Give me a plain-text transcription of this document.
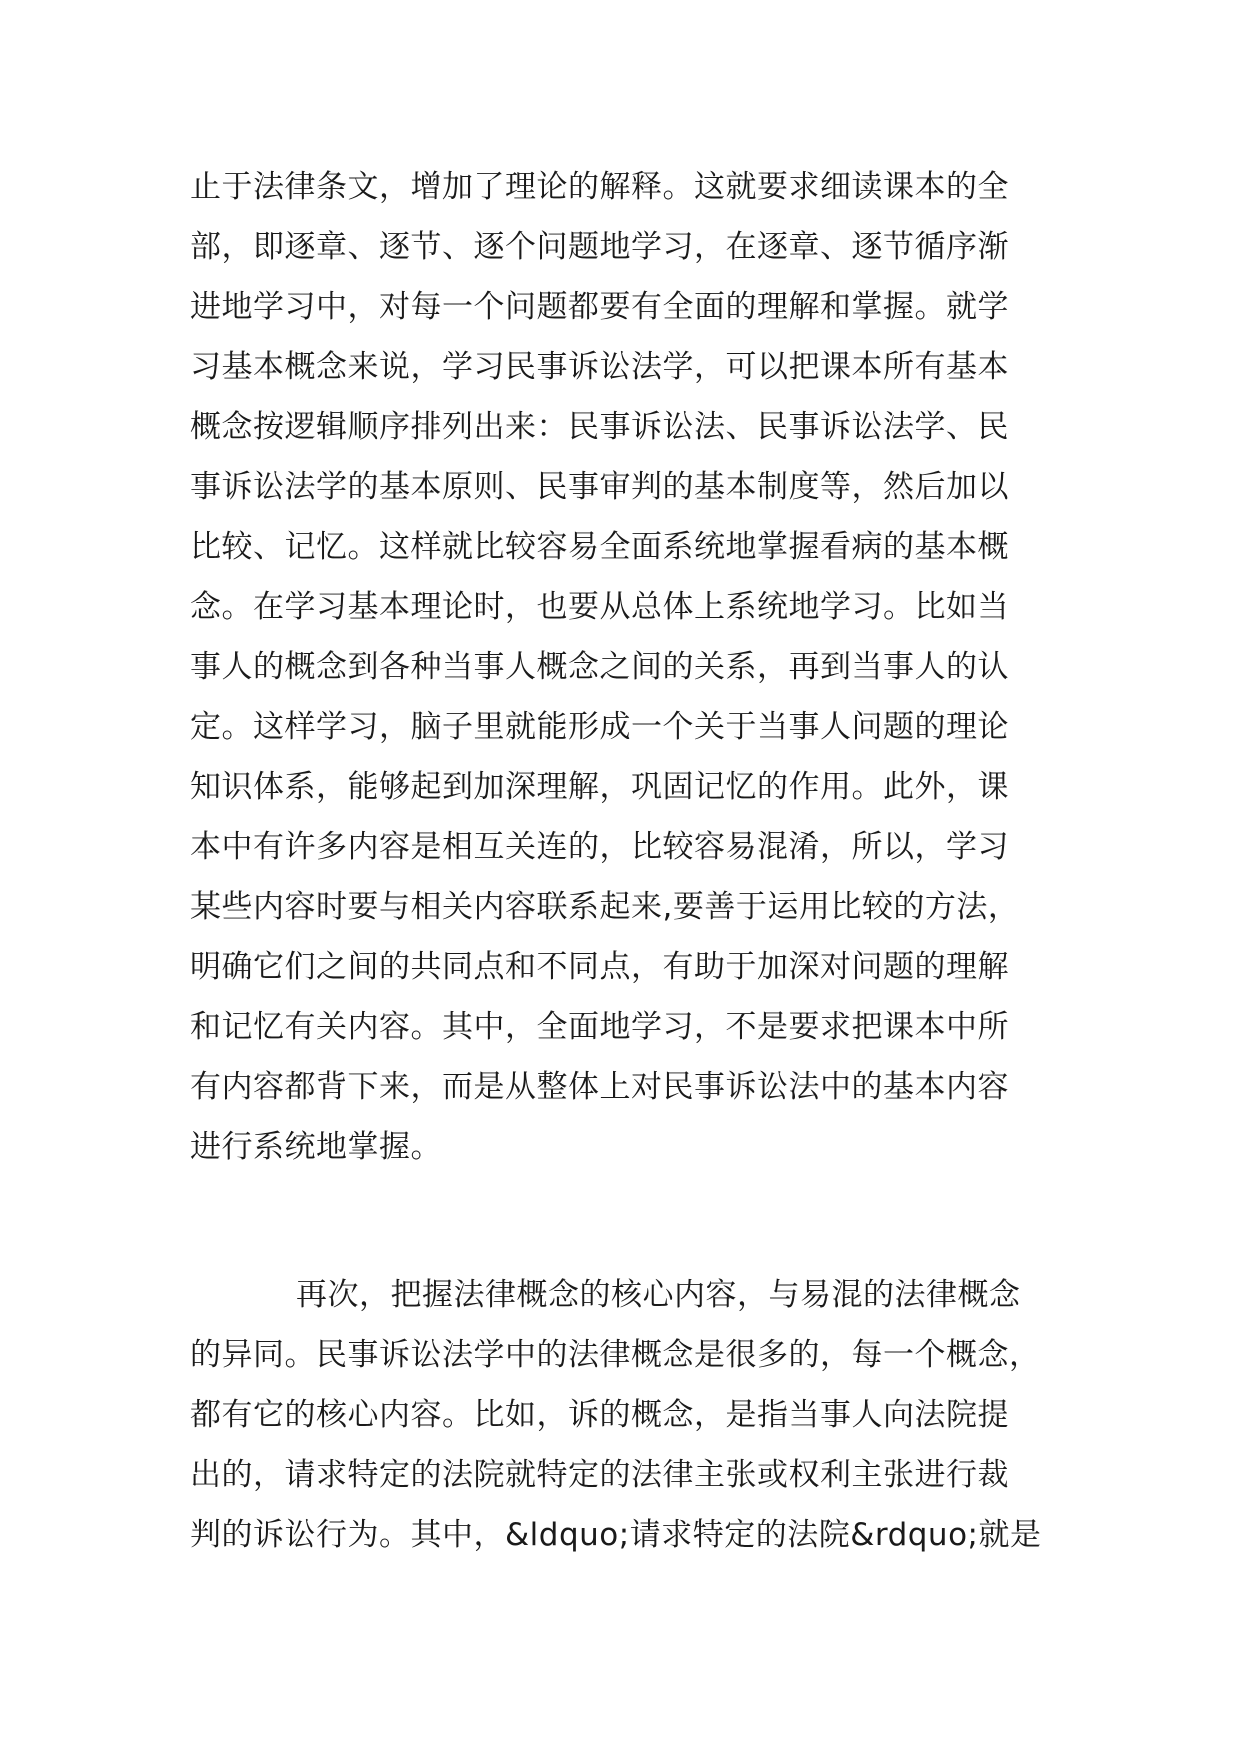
止于法律条文，增加了理论的解释。这就要求细读课本的全
部，即逐章、逐节、逐个问题地学习，在逐章、逐节循序渐
进地学习中，对每一个问题都要有全面的理解和掌握。就学
习基本概念来说，学习民事诉讼法学，可以把课本所有基本
概念按逻辑顺序排列出来：民事诉讼法、民事诉讼法学、民
事诉讼法学的基本原则、民事审判的基本制度等，然后加以
比较、记忆。这样就比较容易全面系统地掌握看病的基本概
念。在学习基本理论时，也要从总体上系统地学习。比如当
事人的概念到各种当事人概念之间的关系，再到当事人的认
定。这样学习，脑子里就能形成一个关于当事人问题的理论
知识体系，能够起到加深理解，巩固记忆的作用。此外，课
本中有许多内容是相互关连的，比较容易混淆，所以，学习
某些内容时要与相关内容联系起来,要善于运用比较的方法，
明确它们之间的共同点和不同点，有助于加深对问题的理解
和记忆有关内容。其中，全面地学习，不是要求把课本中所
有内容都背下来，而是从整体上对民事诉讼法中的基本内容
进行系统地掌握。
再次，把握法律概念的核心内容，与易混的法律概念
的异同。民事诉讼法学中的法律概念是很多的，每一个概念，
都有它的核心内容。比如，诉的概念，是指当事人向法院提
出的，请求特定的法院就特定的法律主张或权利主张进行裁
判的诉讼行为。其中，&ldquo;请求特定的法院&rdquo;就是
